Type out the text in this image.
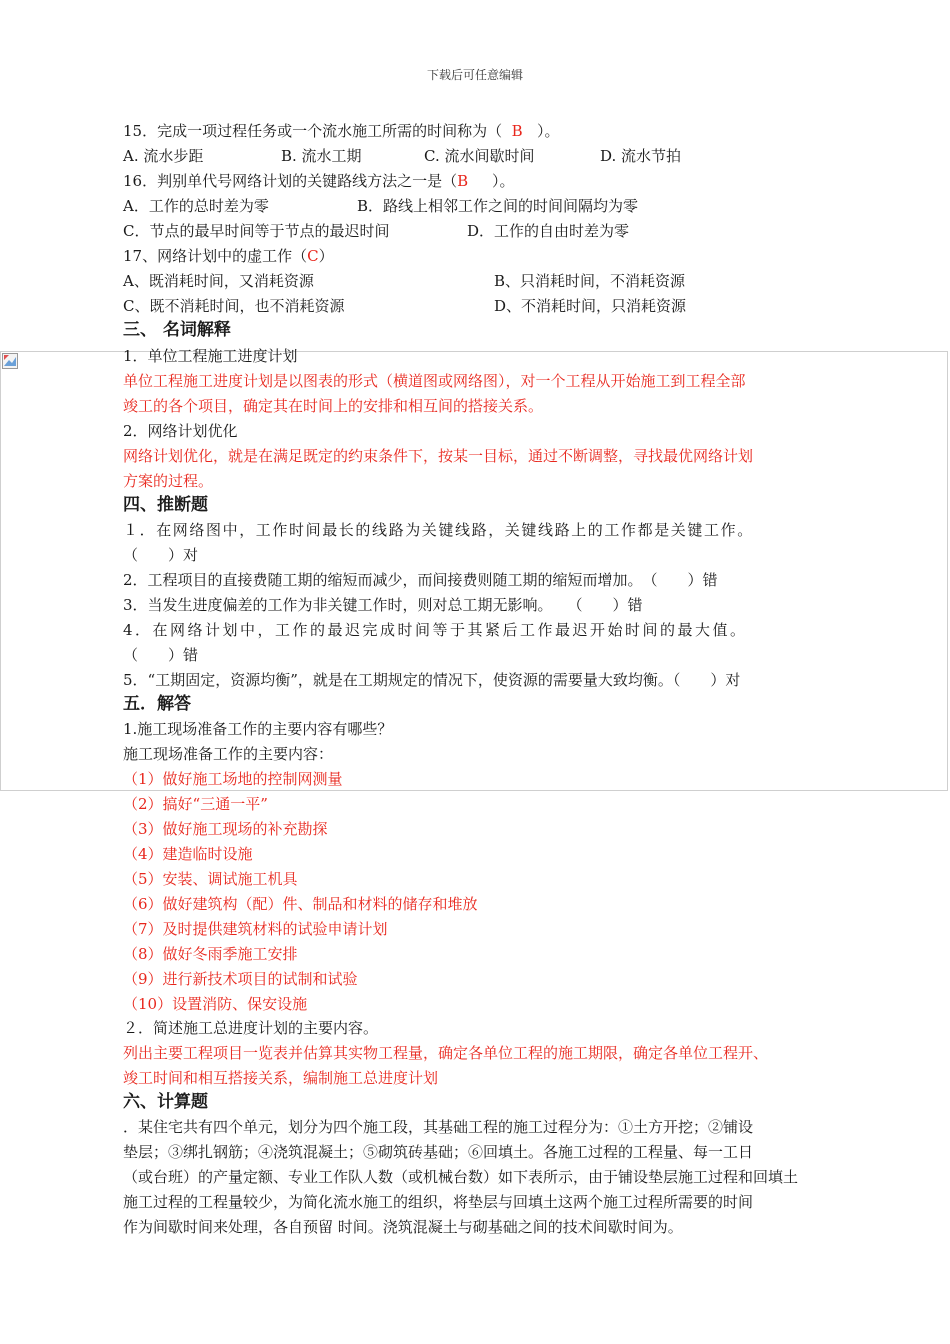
下载后可任意编辑
15．完成一项过程任务或一个流水施工所需的时间称为（ B ）。
A. 流水步距	B. 流水工期	C. 流水间歇时间	D. 流水节拍
16．判别单代号网络计划的关键路线方法之一是（B ）。
A．工作的总时差为零	B．路线上相邻工作之间的时间间隔均为零
C．节点的最早时间等于节点的最迟时间	D．工作的自由时差为零
17、网络计划中的虚工作（C）
A、既消耗时间，又消耗资源	B、只消耗时间，不消耗资源
C、既不消耗时间，也不消耗资源	D、不消耗时间，只消耗资源
三、 名词解释
1．单位工程施工进度计划
单位工程施工进度计划是以图表的形式（横道图或网络图），对一个工程从开始施工到工程全部
竣工的各个项目，确定其在时间上的安排和相互间的搭接关系。
2．网络计划优化
网络计划优化，就是在满足既定的约束条件下，按某一目标，通过不断调整，寻找最优网络计划
方案的过程。
四、推断题
１．在网络图中，工作时间最长的线路为关键线路，关键线路上的工作都是关键工作。
（　　）对
2．工程项目的直接费随工期的缩短而减少，而间接费则随工期的缩短而增加。　（　　）错
3．当发生进度偏差的工作为非关键工作时，则对总工期无影响。　　（　　）错
4．在网络计划中，工作的最迟完成时间等于其紧后工作最迟开始时间的最大值。
（　　）错
5．“工期固定，资源均衡”，就是在工期规定的情况下，使资源的需要量大致均衡。（　　）对
五．解答
1.施工现场准备工作的主要内容有哪些？
施工现场准备工作的主要内容：
（1）做好施工场地的控制网测量
（2）搞好“三通一平”
（3）做好施工现场的补充勘探
（4）建造临时设施
（5）安装、调试施工机具
（6）做好建筑构（配）件、制品和材料的储存和堆放
（7）及时提供建筑材料的试验申请计划
（8）做好冬雨季施工安排
（9）进行新技术项目的试制和试验
（10）设置消防、保安设施
２．简述施工总进度计划的主要内容。
列出主要工程项目一览表并估算其实物工程量，确定各单位工程的施工期限，确定各单位工程开、
竣工时间和相互搭接关系，编制施工总进度计划
六、计算题
．某住宅共有四个单元，划分为四个施工段，其基础工程的施工过程分为：①土方开挖；②铺设
垫层；③绑扎钢筋；④浇筑混凝土；⑤砌筑砖基础；⑥回填土。各施工过程的工程量、每一工日
（或台班）的产量定额、专业工作队人数（或机械台数）如下表所示，由于铺设垫层施工过程和回填土
施工过程的工程量较少，为简化流水施工的组织，将垫层与回填土这两个施工过程所需要的时间
作为间歇时间来处理，各自预留 时间。浇筑混凝土与砌基础之间的技术间歇时间为。
